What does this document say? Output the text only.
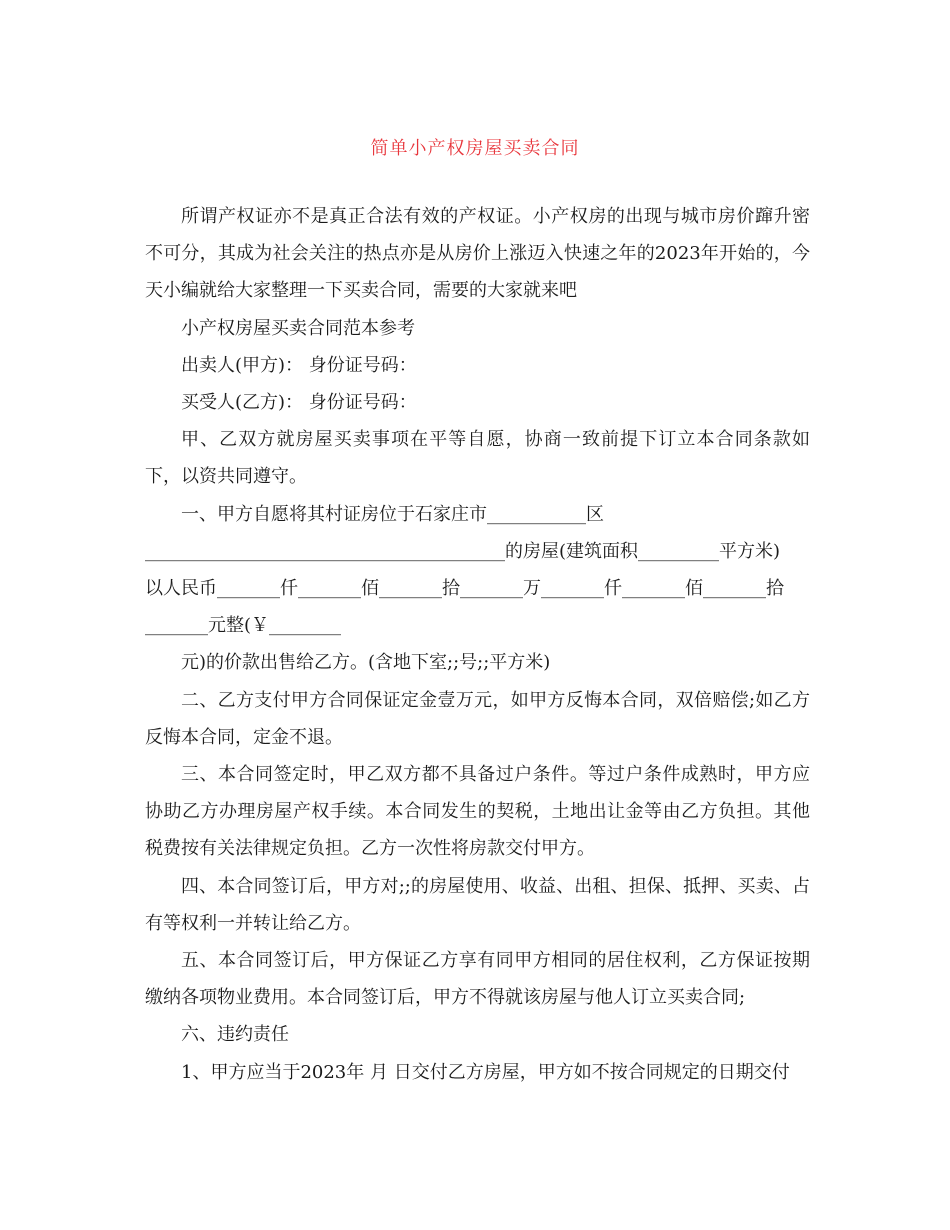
简单小产权房屋买卖合同

所谓产权证亦不是真正合法有效的产权证。小产权房的出现与城市房价蹿升密不可分，其成为社会关注的热点亦是从房价上涨迈入快速之年的2023年开始的，今天小编就给大家整理一下买卖合同，需要的大家就来吧

小产权房屋买卖合同范本参考

出卖人(甲方)： 身份证号码：

买受人(乙方)： 身份证号码：

甲、乙双方就房屋买卖事项在平等自愿，协商一致前提下订立本合同条款如下，以资共同遵守。

一、甲方自愿将其村证房位于石家庄市___________区

________________________________________的房屋(建筑面积_________平方米)

以人民币_______仟_______佰_______拾_______万_______仟_______佰_______拾

_______元整(￥________

元)的价款出售给乙方。(含地下室;;号;;平方米)

二、乙方支付甲方合同保证定金壹万元，如甲方反悔本合同，双倍赔偿;如乙方反悔本合同，定金不退。

三、本合同签定时，甲乙双方都不具备过户条件。等过户条件成熟时，甲方应协助乙方办理房屋产权手续。本合同发生的契税，土地出让金等由乙方负担。其他税费按有关法律规定负担。乙方一次性将房款交付甲方。

四、本合同签订后，甲方对;;的房屋使用、收益、出租、担保、抵押、买卖、占有等权利一并转让给乙方。

五、本合同签订后，甲方保证乙方享有同甲方相同的居住权利，乙方保证按期缴纳各项物业费用。本合同签订后，甲方不得就该房屋与他人订立买卖合同;

六、违约责任

1、甲方应当于2023年 月 日交付乙方房屋，甲方如不按合同规定的日期交付
